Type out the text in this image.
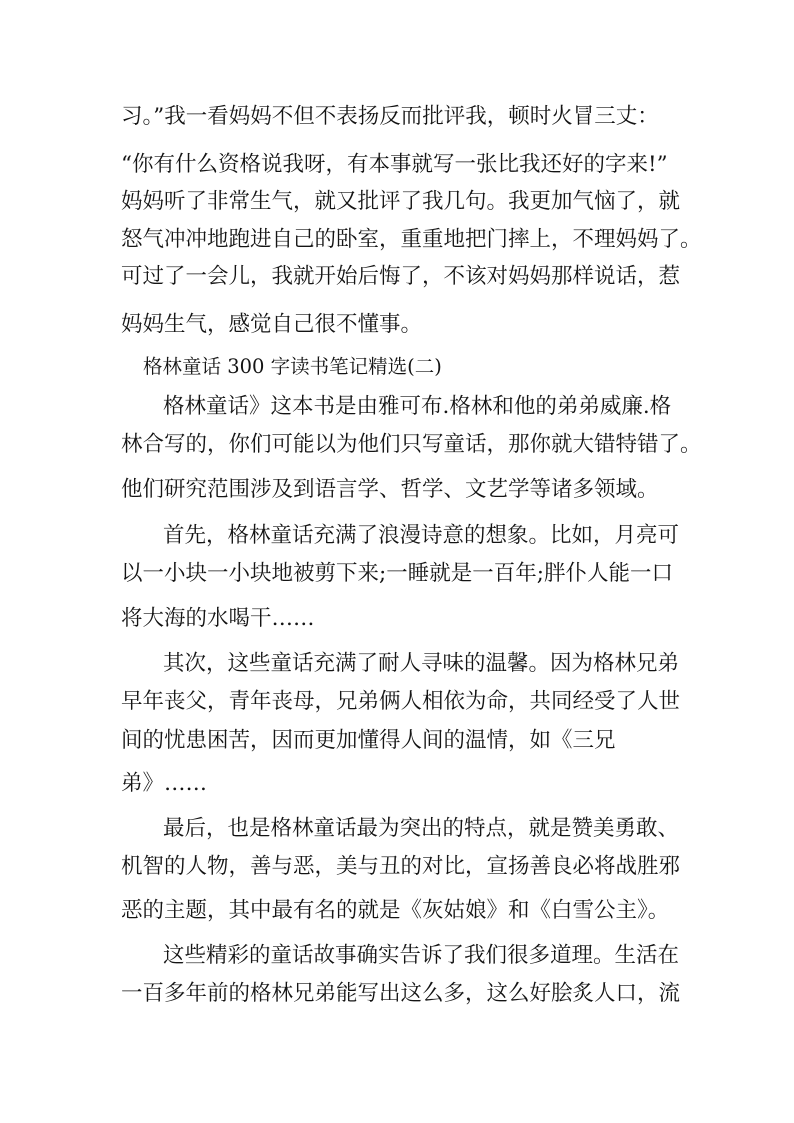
习。”我一看妈妈不但不表扬反而批评我，顿时火冒三丈：
“你有什么资格说我呀，有本事就写一张比我还好的字来!”
妈妈听了非常生气，就又批评了我几句。我更加气恼了，就
怒气冲冲地跑进自己的卧室，重重地把门摔上，不理妈妈了。
可过了一会儿，我就开始后悔了，不该对妈妈那样说话，惹
妈妈生气，感觉自己很不懂事。
格林童话 300 字读书笔记精选(二)
格林童话》这本书是由雅可布.格林和他的弟弟威廉.格
林合写的，你们可能以为他们只写童话，那你就大错特错了。
他们研究范围涉及到语言学、哲学、文艺学等诸多领域。
首先，格林童话充满了浪漫诗意的想象。比如，月亮可
以一小块一小块地被剪下来;一睡就是一百年;胖仆人能一口
将大海的水喝干……
其次，这些童话充满了耐人寻味的温馨。因为格林兄弟
早年丧父，青年丧母，兄弟俩人相依为命，共同经受了人世
间的忧患困苦，因而更加懂得人间的温情，如《三兄
弟》……
最后，也是格林童话最为突出的特点，就是赞美勇敢、
机智的人物，善与恶，美与丑的对比，宣扬善良必将战胜邪
恶的主题，其中最有名的就是《灰姑娘》和《白雪公主》。
这些精彩的童话故事确实告诉了我们很多道理。生活在
一百多年前的格林兄弟能写出这么多，这么好脍炙人口，流
